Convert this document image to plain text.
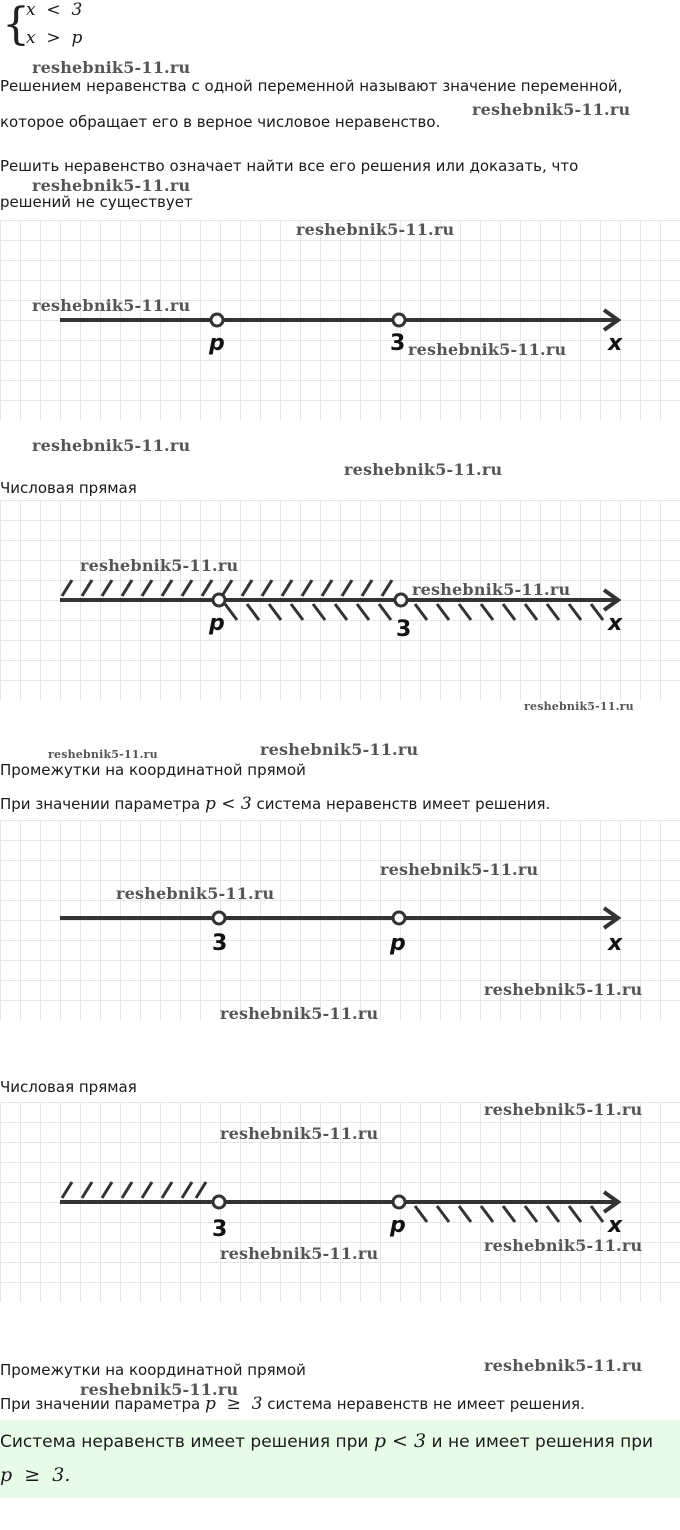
{
x  <  3
x  >  p
Решением неравенства с одной переменной называют значение переменной,
которое обращает его в верное числовое неравенство.
Решить неравенство означает найти все его решения или доказать, что
решений не существует
p	3	x
Числовая прямая
p	3	x
Промежутки на координатной прямой
При значении параметра p < 3 система неравенств имеет решения.
3	p	x
Числовая прямая
3	p	x
Промежутки на координатной прямой
При значении параметра p  ≥  3 система неравенств не имеет решения.
Система неравенств имеет решения при p < 3 и не имеет решения при
p  ≥  3.
reshebnik5-11.ru
reshebnik5-11.ru
reshebnik5-11.ru
reshebnik5-11.ru
reshebnik5-11.ru
reshebnik5-11.ru
reshebnik5-11.ru
reshebnik5-11.ru
reshebnik5-11.ru
reshebnik5-11.ru
reshebnik5-11.ru
reshebnik5-11.ru	reshebnik5-11.ru
reshebnik5-11.ru
reshebnik5-11.ru
reshebnik5-11.ru
reshebnik5-11.ru
reshebnik5-11.ru
reshebnik5-11.ru
reshebnik5-11.ru
reshebnik5-11.ru
reshebnik5-11.ru
reshebnik5-11.ru
